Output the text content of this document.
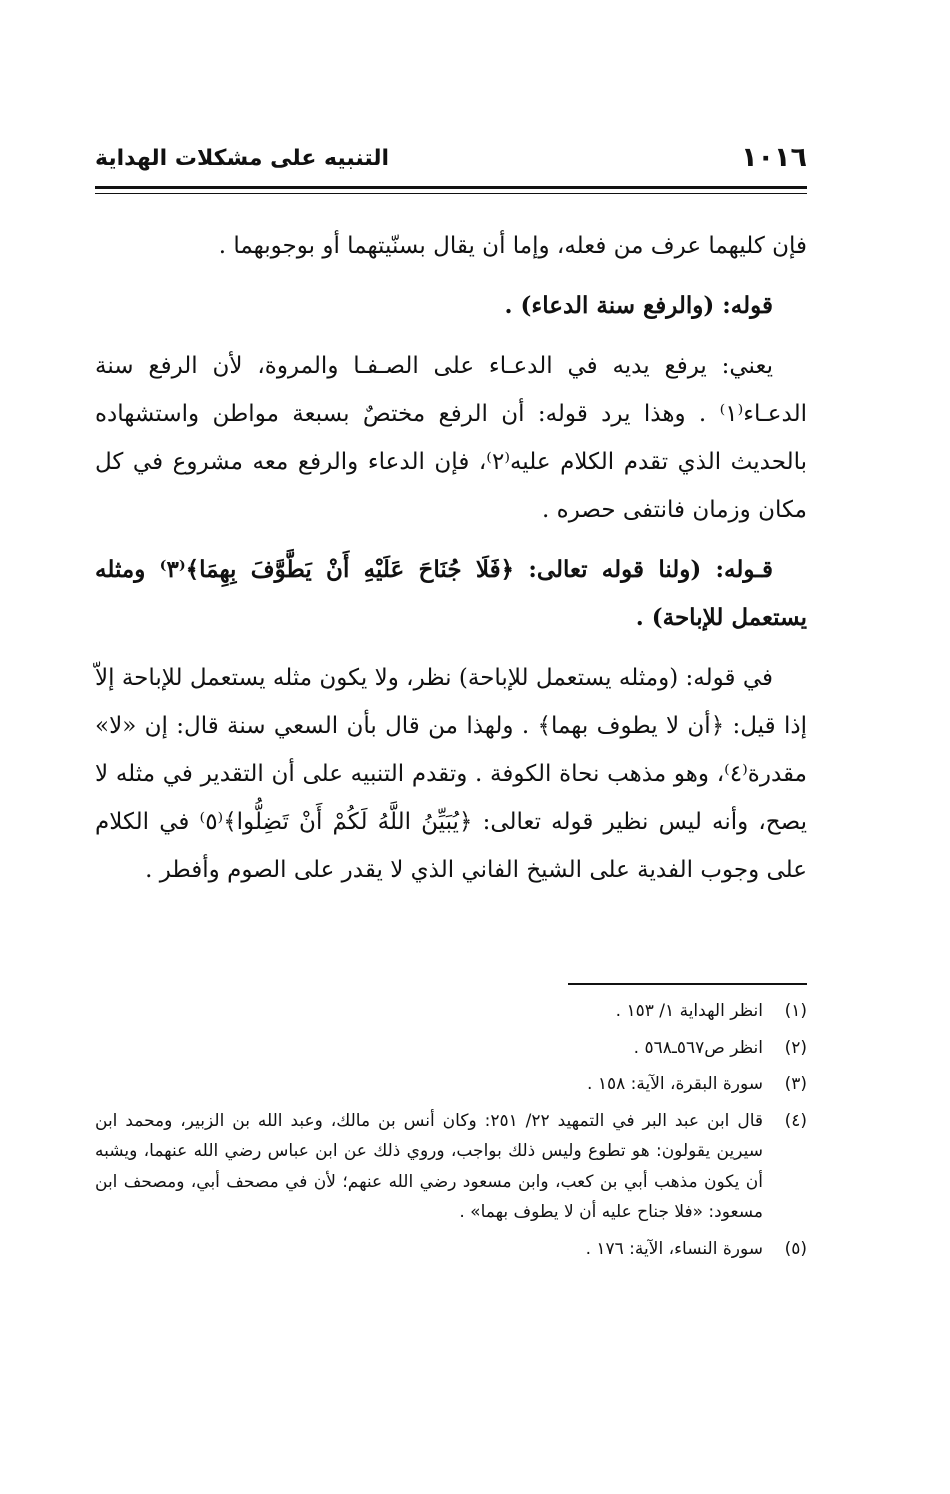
١٠١٦
التنبيه على مشكلات الهداية

فإن كليهما عرف من فعله، وإما أن يقال بسنّيتهما أو بوجوبهما .

قوله: (والرفع سنة الدعاء) .

يعني: يرفع يديه في الدعـاء على الصـفـا والمروة، لأن الرفع سنة الدعـاء⁽١⁾ . وهذا يرد قوله: أن الرفع مختصٌ بسبعة مواطن واستشهاده بالحديث الذي تقدم الكلام عليه⁽٢⁾، فإن الدعاء والرفع معه مشروع في كل مكان وزمان فانتفى حصره .

قـوله: (ولنا قوله تعالى: ﴿فَلَا جُنَاحَ عَلَيْهِ أَنْ يَطَّوَّفَ بِهِمَا﴾⁽٣⁾ ومثله يستعمل للإباحة) .

في قوله: (ومثله يستعمل للإباحة) نظر، ولا يكون مثله يستعمل للإباحة إلاّ إذا قيل: ﴿أن لا يطوف بهما﴾ . ولهذا من قال بأن السعي سنة قال: إن «لا» مقدرة⁽٤⁾، وهو مذهب نحاة الكوفة . وتقدم التنبيه على أن التقدير في مثله لا يصح، وأنه ليس نظير قوله تعالى: ﴿يُبَيِّنُ اللَّهُ لَكُمْ أَنْ تَضِلُّوا﴾⁽٥⁾ في الكلام على وجوب الفدية على الشيخ الفاني الذي لا يقدر على الصوم وأفطر .

(١)
انظر الهداية ١/ ١٥٣ .
(٢)
انظر ص٥٦٧ـ٥٦٨ .
(٣)
سورة البقرة، الآية: ١٥٨ .
(٤)
قال ابن عبد البر في التمهيد ٢٢/ ٢٥١: وكان أنس بن مالك، وعبد الله بن الزبير، ومحمد ابن سيرين يقولون: هو تطوع وليس ذلك بواجب، وروي ذلك عن ابن عباس رضي الله عنهما، ويشبه أن يكون مذهب أبي بن كعب، وابن مسعود رضي الله عنهم؛ لأن في مصحف أبي، ومصحف ابن مسعود: «فلا جناح عليه أن لا يطوف بهما» .
(٥)
سورة النساء، الآية: ١٧٦ .
